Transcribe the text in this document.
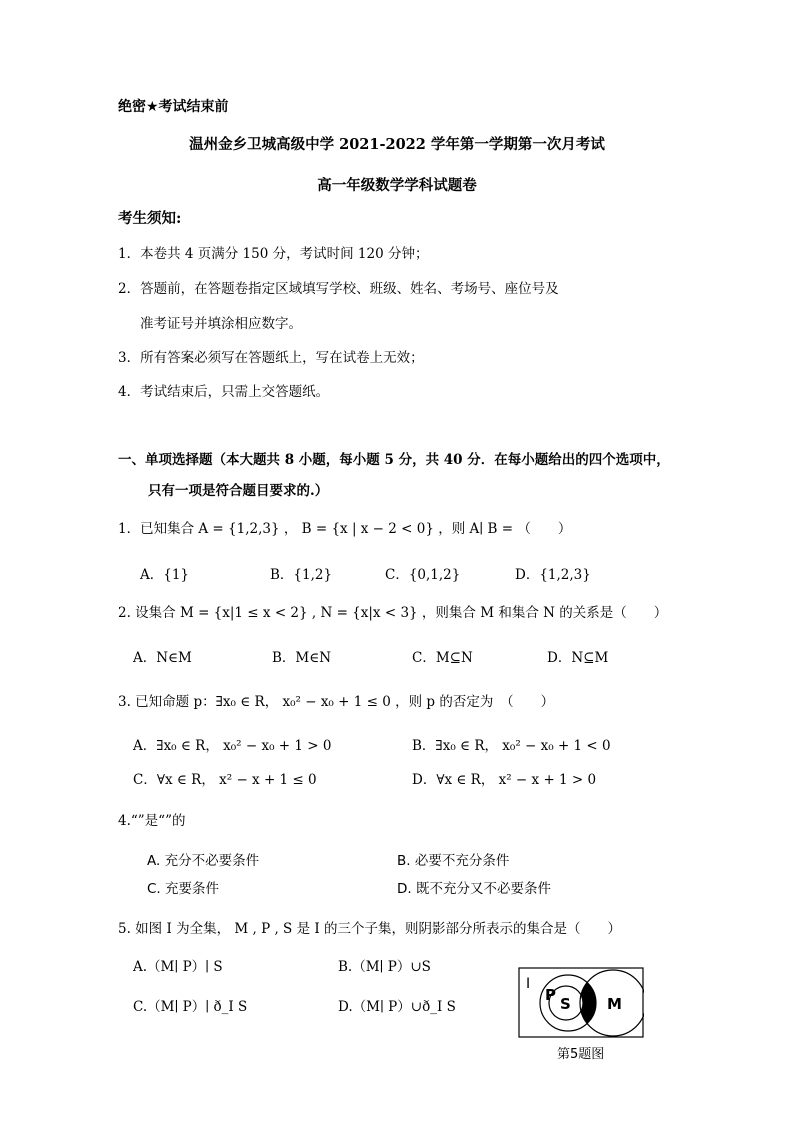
绝密★考试结束前
温州金乡卫城高级中学 2021-2022 学年第一学期第一次月考试
高一年级数学学科试题卷
考生须知:
1．本卷共 4 页满分 150 分，考试时间 120 分钟；
2．答题前，在答题卷指定区域填写学校、班级、姓名、考场号、座位号及
准考证号并填涂相应数字。
3．所有答案必须写在答题纸上，写在试卷上无效；
4．考试结束后，只需上交答题纸。
一、单项选择题（本大题共 8 小题，每小题 5 分，共 40 分．在每小题给出的四个选项中，
只有一项是符合题目要求的.）
1．已知集合 A = {1,2,3} ， B = {x | x − 2 < 0} ，则 A∣ B = （　　）
A．{1}	B．{1,2}	C．{0,1,2}	D．{1,2,3}
2. 设集合 M = {x|1 ≤ x < 2} , N = {x|x < 3} ，则集合 M 和集合 N 的关系是（　　）
A．N∈M	B．M∈N	C．M⊆N	D．N⊆M
3. 已知命题 p：∃x₀ ∈ R， x₀² − x₀ + 1 ≤ 0 ，则 p 的否定为　（　　）
A．∃x₀ ∈ R， x₀² − x₀ + 1 > 0	B．∃x₀ ∈ R， x₀² − x₀ + 1 < 0
C．∀x ∈ R， x² − x + 1 ≤ 0	D．∀x ∈ R， x² − x + 1 > 0
4.“”是“”的
A. 充分不必要条件	B. 必要不充分条件
C. 充要条件	D. 既不充分又不必要条件
5. 如图 I 为全集， M , P , S 是 I 的三个子集，则阴影部分所表示的集合是（　　）
A.（M∣ P）∣ S	B.（M∣ P）∪S
C.（M∣ P）∣ ð_I S	D.（M∣ P）∪ð_I S
I
P S M
第5题图
